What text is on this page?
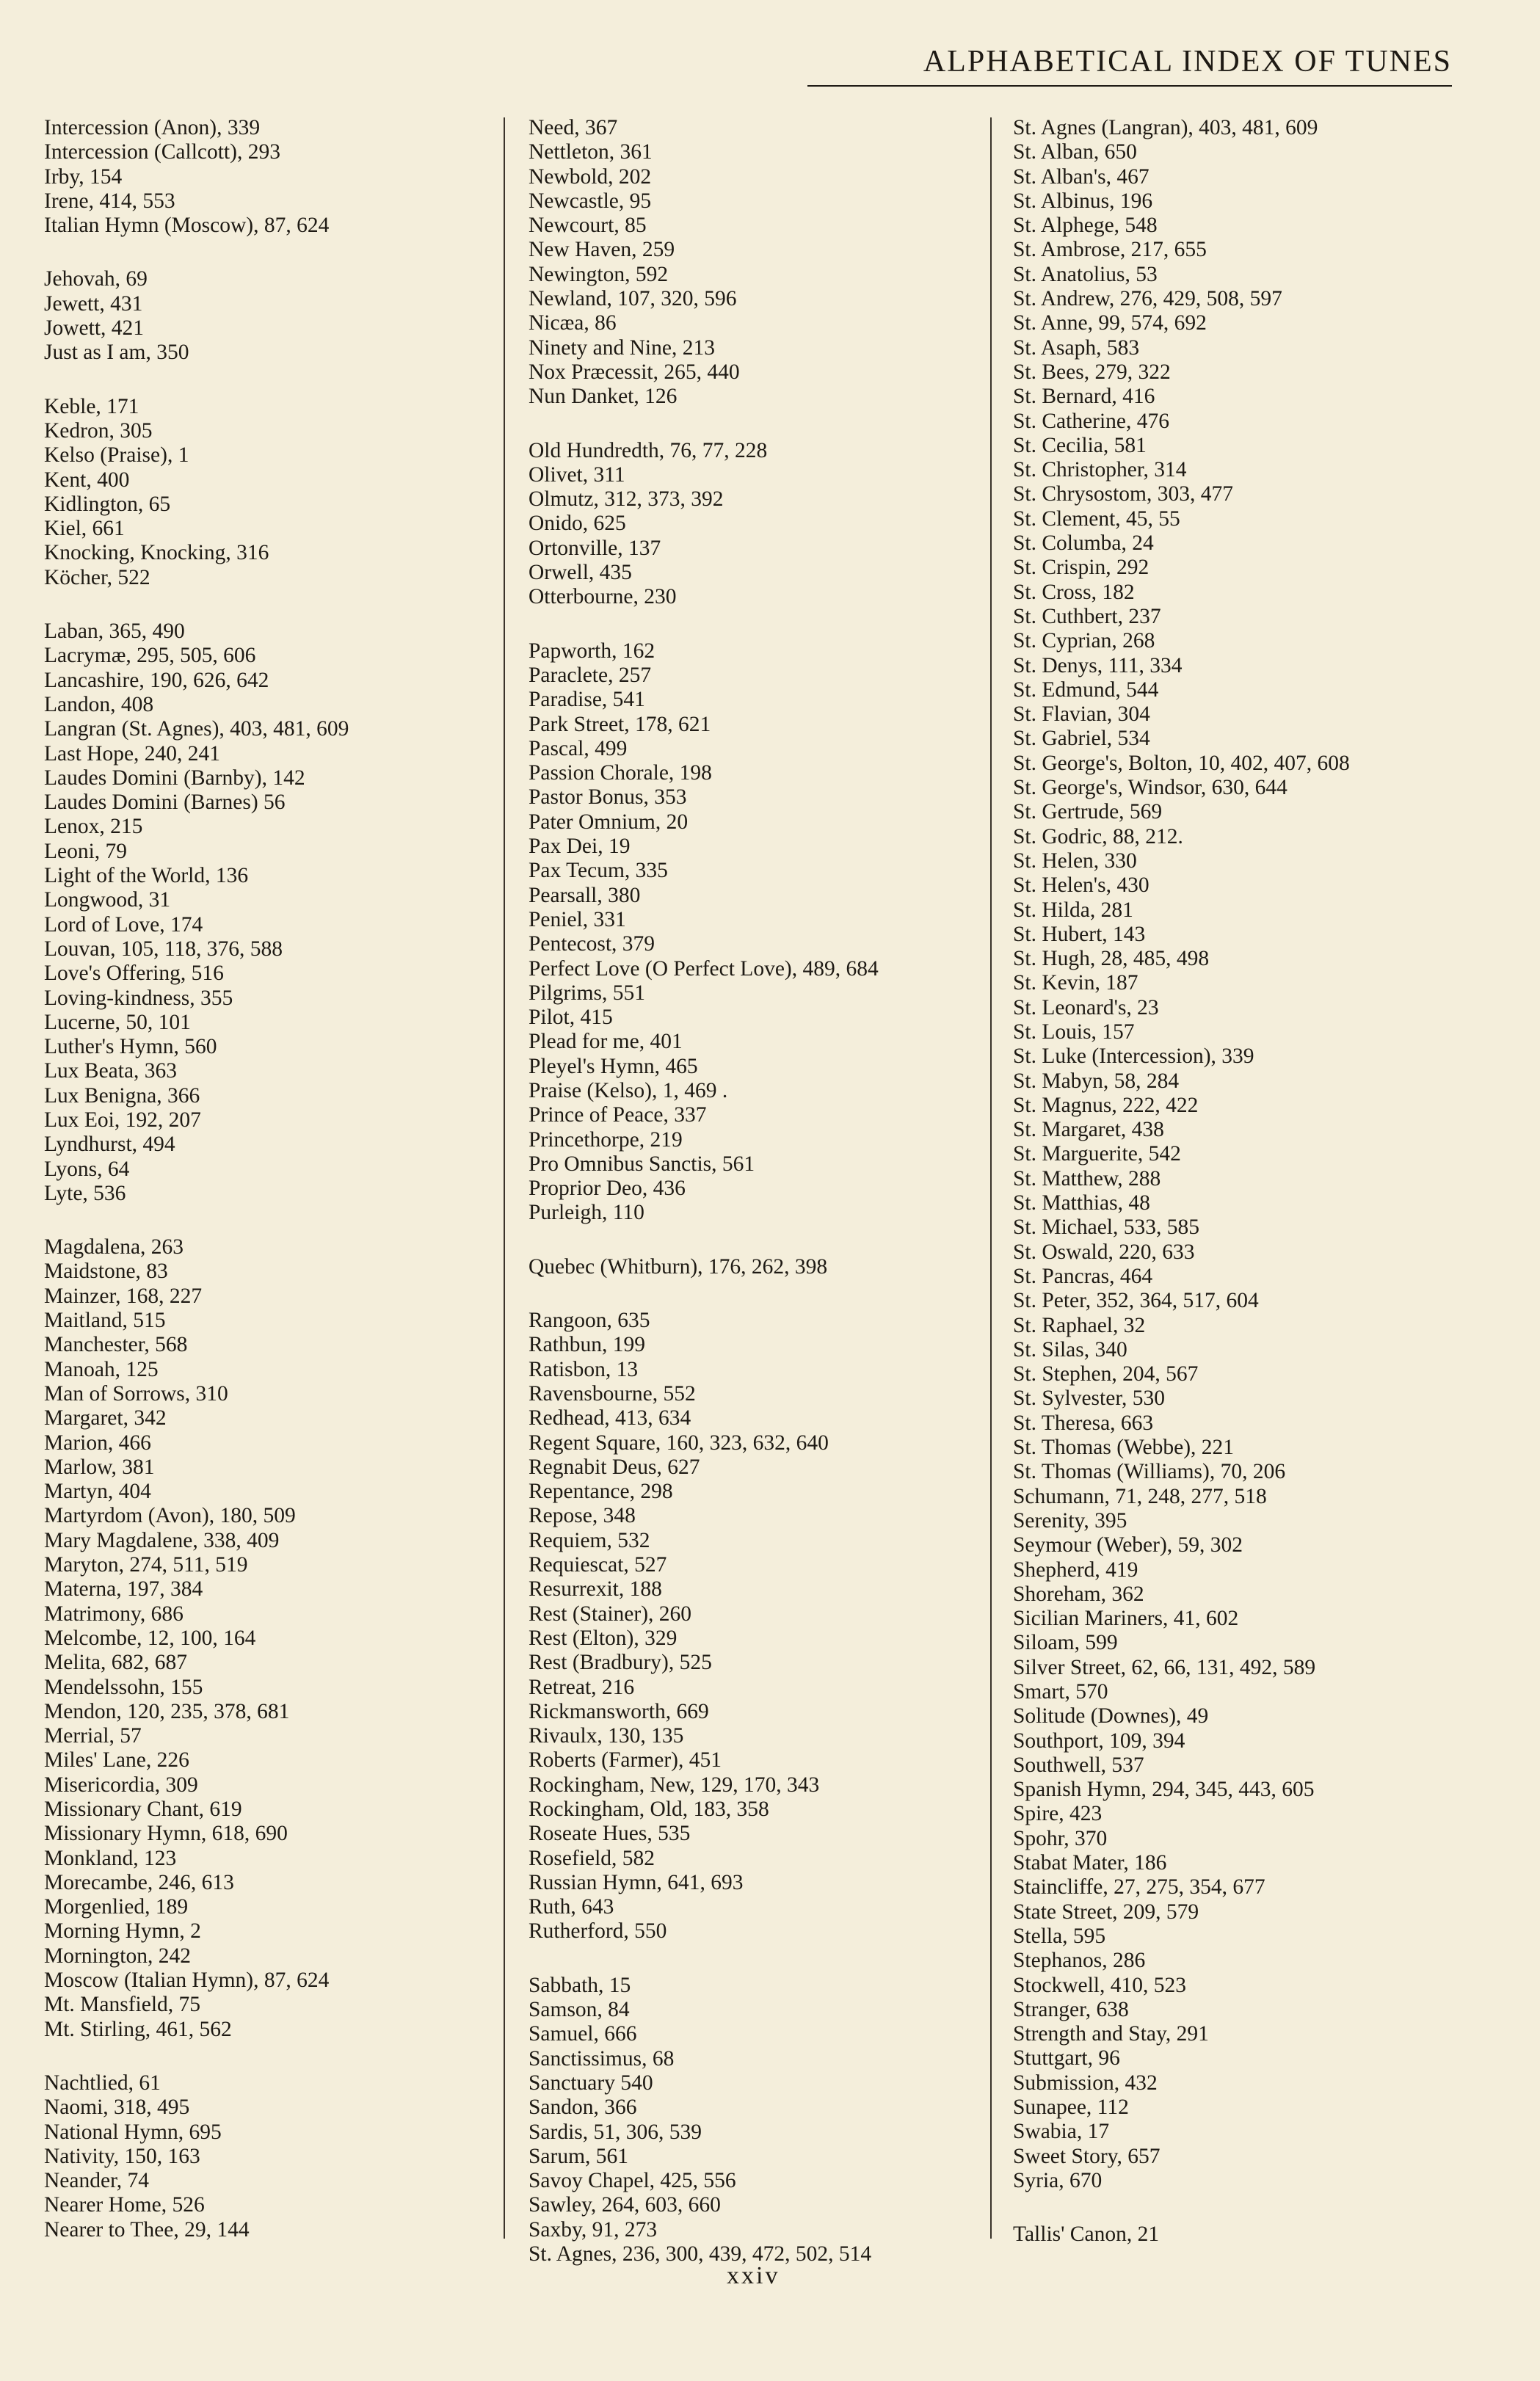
ALPHABETICAL INDEX OF TUNES
Intercession (Anon), 339
Intercession (Callcott), 293
Irby, 154
Irene, 414, 553
Italian Hymn (Moscow), 87, 624
Jehovah, 69
Jewett, 431
Jowett, 421
Just as I am, 350
Keble, 171
Kedron, 305
Kelso (Praise), 1
Kent, 400
Kidlington, 65
Kiel, 661
Knocking, Knocking, 316
Köcher, 522
Laban, 365, 490
Lacrymæ, 295, 505, 606
Lancashire, 190, 626, 642
Landon, 408
Langran (St. Agnes), 403, 481, 609
Last Hope, 240, 241
Laudes Domini (Barnby), 142
Laudes Domini (Barnes) 56
Lenox, 215
Leoni, 79
Light of the World, 136
Longwood, 31
Lord of Love, 174
Louvan, 105, 118, 376, 588
Love's Offering, 516
Loving-kindness, 355
Lucerne, 50, 101
Luther's Hymn, 560
Lux Beata, 363
Lux Benigna, 366
Lux Eoi, 192, 207
Lyndhurst, 494
Lyons, 64
Lyte, 536
Magdalena, 263
Maidstone, 83
Mainzer, 168, 227
Maitland, 515
Manchester, 568
Manoah, 125
Man of Sorrows, 310
Margaret, 342
Marion, 466
Marlow, 381
Martyn, 404
Martyrdom (Avon), 180, 509
Mary Magdalene, 338, 409
Maryton, 274, 511, 519
Materna, 197, 384
Matrimony, 686
Melcombe, 12, 100, 164
Melita, 682, 687
Mendelssohn, 155
Mendon, 120, 235, 378, 681
Merrial, 57
Miles' Lane, 226
Misericordia, 309
Missionary Chant, 619
Missionary Hymn, 618, 690
Monkland, 123
Morecambe, 246, 613
Morgenlied, 189
Morning Hymn, 2
Mornington, 242
Moscow (Italian Hymn), 87, 624
Mt. Mansfield, 75
Mt. Stirling, 461, 562
Nachtlied, 61
Naomi, 318, 495
National Hymn, 695
Nativity, 150, 163
Neander, 74
Nearer Home, 526
Nearer to Thee, 29, 144
Need, 367
Nettleton, 361
Newbold, 202
Newcastle, 95
Newcourt, 85
New Haven, 259
Newington, 592
Newland, 107, 320, 596
Nicæa, 86
Ninety and Nine, 213
Nox Præcessit, 265, 440
Nun Danket, 126
Old Hundredth, 76, 77, 228
Olivet, 311
Olmutz, 312, 373, 392
Onido, 625
Ortonville, 137
Orwell, 435
Otterbourne, 230
Papworth, 162
Paraclete, 257
Paradise, 541
Park Street, 178, 621
Pascal, 499
Passion Chorale, 198
Pastor Bonus, 353
Pater Omnium, 20
Pax Dei, 19
Pax Tecum, 335
Pearsall, 380
Peniel, 331
Pentecost, 379
Perfect Love (O Perfect Love), 489, 684
Pilgrims, 551
Pilot, 415
Plead for me, 401
Pleyel's Hymn, 465
Praise (Kelso), 1, 469 .
Prince of Peace, 337
Princethorpe, 219
Pro Omnibus Sanctis, 561
Proprior Deo, 436
Purleigh, 110
Quebec (Whitburn), 176, 262, 398
Rangoon, 635
Rathbun, 199
Ratisbon, 13
Ravensbourne, 552
Redhead, 413, 634
Regent Square, 160, 323, 632, 640
Regnabit Deus, 627
Repentance, 298
Repose, 348
Requiem, 532
Requiescat, 527
Resurrexit, 188
Rest (Stainer), 260
Rest (Elton), 329
Rest (Bradbury), 525
Retreat, 216
Rickmansworth, 669
Rivaulx, 130, 135
Roberts (Farmer), 451
Rockingham, New, 129, 170, 343
Rockingham, Old, 183, 358
Roseate Hues, 535
Rosefield, 582
Russian Hymn, 641, 693
Ruth, 643
Rutherford, 550
Sabbath, 15
Samson, 84
Samuel, 666
Sanctissimus, 68
Sanctuary 540
Sandon, 366
Sardis, 51, 306, 539
Sarum, 561
Savoy Chapel, 425, 556
Sawley, 264, 603, 660
Saxby, 91, 273
St. Agnes, 236, 300, 439, 472, 502, 514
St. Agnes (Langran), 403, 481, 609
St. Alban, 650
St. Alban's, 467
St. Albinus, 196
St. Alphege, 548
St. Ambrose, 217, 655
St. Anatolius, 53
St. Andrew, 276, 429, 508, 597
St. Anne, 99, 574, 692
St. Asaph, 583
St. Bees, 279, 322
St. Bernard, 416
St. Catherine, 476
St. Cecilia, 581
St. Christopher, 314
St. Chrysostom, 303, 477
St. Clement, 45, 55
St. Columba, 24
St. Crispin, 292
St. Cross, 182
St. Cuthbert, 237
St. Cyprian, 268
St. Denys, 111, 334
St. Edmund, 544
St. Flavian, 304
St. Gabriel, 534
St. George's, Bolton, 10, 402, 407, 608
St. George's, Windsor, 630, 644
St. Gertrude, 569
St. Godric, 88, 212.
St. Helen, 330
St. Helen's, 430
St. Hilda, 281
St. Hubert, 143
St. Hugh, 28, 485, 498
St. Kevin, 187
St. Leonard's, 23
St. Louis, 157
St. Luke (Intercession), 339
St. Mabyn, 58, 284
St. Magnus, 222, 422
St. Margaret, 438
St. Marguerite, 542
St. Matthew, 288
St. Matthias, 48
St. Michael, 533, 585
St. Oswald, 220, 633
St. Pancras, 464
St. Peter, 352, 364, 517, 604
St. Raphael, 32
St. Silas, 340
St. Stephen, 204, 567
St. Sylvester, 530
St. Theresa, 663
St. Thomas (Webbe), 221
St. Thomas (Williams), 70, 206
Schumann, 71, 248, 277, 518
Serenity, 395
Seymour (Weber), 59, 302
Shepherd, 419
Shoreham, 362
Sicilian Mariners, 41, 602
Siloam, 599
Silver Street, 62, 66, 131, 492, 589
Smart, 570
Solitude (Downes), 49
Southport, 109, 394
Southwell, 537
Spanish Hymn, 294, 345, 443, 605
Spire, 423
Spohr, 370
Stabat Mater, 186
Staincliffe, 27, 275, 354, 677
State Street, 209, 579
Stella, 595
Stephanos, 286
Stockwell, 410, 523
Stranger, 638
Strength and Stay, 291
Stuttgart, 96
Submission, 432
Sunapee, 112
Swabia, 17
Sweet Story, 657
Syria, 670
Tallis' Canon, 21
xxiv
